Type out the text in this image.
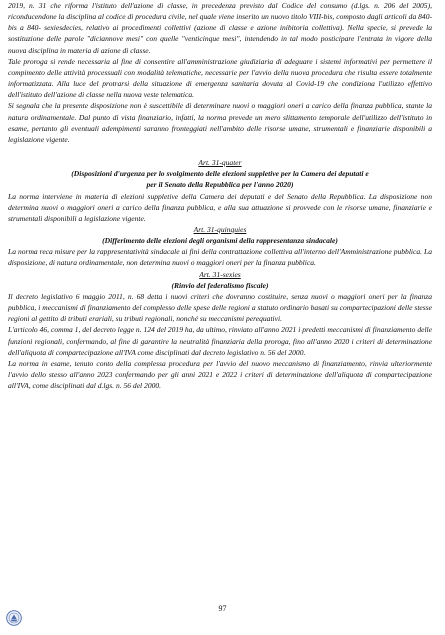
2019, n. 31 che riforma l'istituto dell'azione di classe, in precedenza previsto dal Codice del consumo (d.lgs. n. 206 del 2005), riconducendone la disciplina al codice di procedura civile, nel quale viene inserito un nuovo titolo VIII-bis, composto dagli articoli da 840-bis a 840- sexiesdecies, relativo ai procedimenti collettivi (azione di classe e azione inibitoria collettiva). Nella specie, si prevede la sostituzione delle parole "diciannove mesi" con quelle "venticinque mesi", intendendo in tal modo posticipare l'entrata in vigore della nuova disciplina in materia di azione di classe.

Tale proroga si rende necessaria al fine di consentire all'amministrazione giudiziaria di adeguare i sistemi informativi per permettere il compimento delle attività processuali con modalità telematiche, necessarie per l'avvio della nuova procedura che risulta essere totalmente informatizzata. Alla luce del protrarsi della situazione di emergenza sanitaria dovuta al Covid-19 che condiziona l'utilizzo effettivo dell'istituto dell'azione di classe nella nuova veste telematica.

Si segnala che la presente disposizione non è suscettibile di determinare nuovi o maggiori oneri a carico della finanza pubblica, stante la natura ordinamentale. Dal punto di vista finanziario, infatti, la norma prevede un mero slittamento temporale dell'utilizzo dell'istituto in esame, pertanto gli eventuali adempimenti saranno fronteggiati nell'ambito delle risorse umane, strumentali e finanziarie disponibili a legislazione vigente.

Art. 31-quater

(Disposizioni d'urgenza per lo svolgimento delle elezioni suppletive per la Camera dei deputati e

per il Senato della Repubblica per l'anno 2020)

La norma interviene in materia di elezioni suppletive della Camera dei deputati e del Senato della Repubblica. La disposizione non determina nuovi o maggiori oneri a carico della finanza pubblica, e alla sua attuazione si provvede con le risorse umane, finanziarie e strumentali disponibili a legislazione vigente.

Art. 31-quinquies

(Differimento delle elezioni degli organismi della rappresentanza sindacale)

La norma reca misure per la rappresentatività sindacale ai fini della contrattazione collettiva all'interno dell'Amministrazione pubblica. La disposizione, di natura ordinamentale, non determina nuovi o maggiori oneri per la finanza pubblica.

Art. 31-sexies

(Rinvio del federalismo fiscale)

Il decreto legislativo 6 maggio 2011, n. 68 detta i nuovi criteri che dovranno costituire, senza nuovi o maggiori oneri per la finanza pubblica, i meccanismi di finanziamento del complesso delle spese delle regioni a statuto ordinario basati su compartecipazioni delle stesse regioni al gettito di tributi erariali, su tributi regionali, nonché su meccanismi perequativi.

L'articolo 46, comma 1, del decreto legge n. 124 del 2019 ha, da ultimo, rinviato all'anno 2021 i predetti meccanismi di finanziamento delle funzioni regionali, confermando, al fine di garantire la neutralità finanziaria della proroga, fino all'anno 2020 i criteri di determinazione dell'aliquota di compartecipazione all'IVA come disciplinati dal decreto legislativo n. 56 del 2000.

La norma in esame, tenuto conto della complessa procedura per l'avvio del nuovo meccanismo di finanziamento, rinvia ulteriormente l'avvio dello stesso all'anno 2023 confermando per gli anni 2021 e 2022 i criteri di determinazione dell'aliquota di compartecipazione all'IVA, come disciplinati dal d.lgs. n. 56 del 2000.

97
